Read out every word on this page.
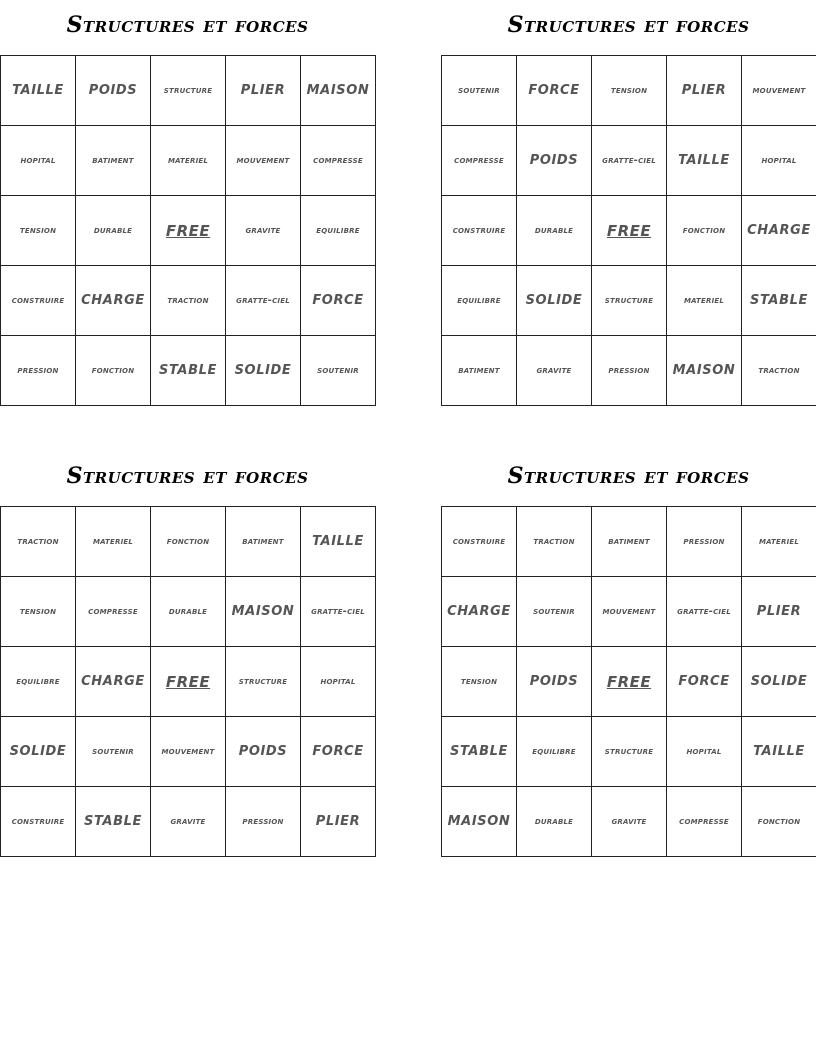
Structures et forces
TAILLE	POIDS	structure	PLIER	MAISON
hopital	batiment	materiel	mouvement	compresse
tension	durable	FREE	gravite	equilibre
construire	CHARGE	traction	gratte-ciel	FORCE
pression	fonction	STABLE	SOLIDE	soutenir
Structures et forces
soutenir	FORCE	tension	PLIER	mouvement
compresse	POIDS	gratte-ciel	TAILLE	hopital
construire	durable	FREE	fonction	CHARGE
equilibre	SOLIDE	structure	materiel	STABLE
batiment	gravite	pression	MAISON	traction
Structures et forces
traction	materiel	fonction	batiment	TAILLE
tension	compresse	durable	MAISON	gratte-ciel
equilibre	CHARGE	FREE	structure	hopital
SOLIDE	soutenir	mouvement	POIDS	FORCE
construire	STABLE	gravite	pression	PLIER
Structures et forces
construire	traction	batiment	pression	materiel
CHARGE	soutenir	mouvement	gratte-ciel	PLIER
tension	POIDS	FREE	FORCE	SOLIDE
STABLE	equilibre	structure	hopital	TAILLE
MAISON	durable	gravite	compresse	fonction
